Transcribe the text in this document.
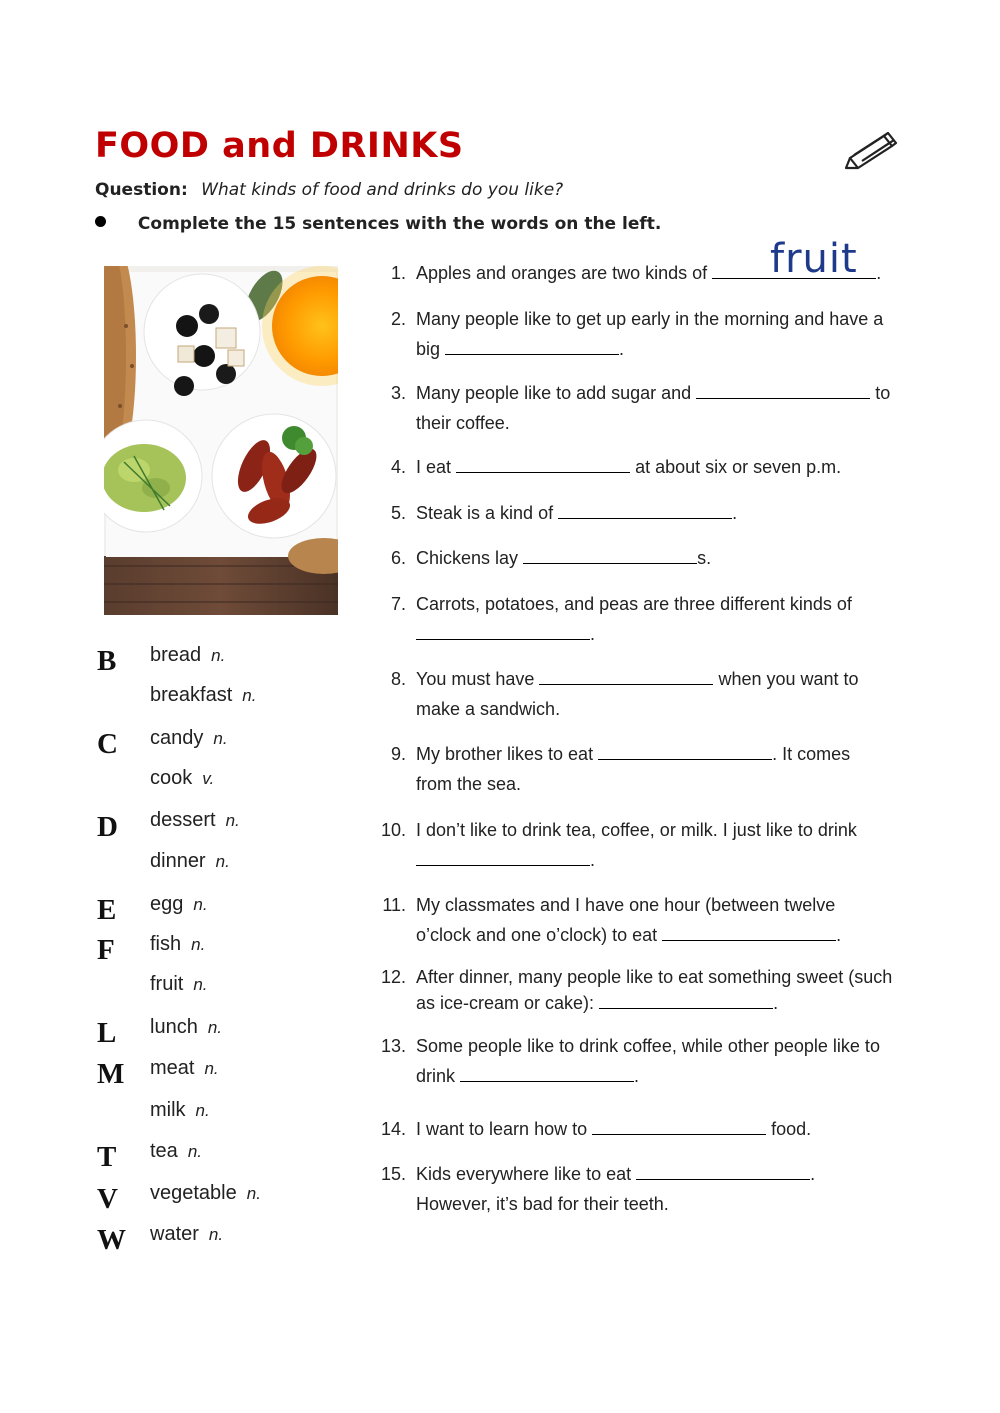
FOOD and DRINKS
Question: What kinds of food and drinks do you like?
Complete the 15 sentences with the words on the left.
B bread n.
breakfast n.
C candy n.
cook v.
D dessert n.
dinner n.
E egg n.
F fish n.
fruit n.
L lunch n.
M meat n.
milk n.
T tea n.
V vegetable n.
W water n.
fruit
1. Apples and oranges are two kinds of	.
2. Many people like to get up early in the morning and have a big	.
3. Many people like to add sugar and	to their coffee.
4. I eat	at about six or seven p.m.
5. Steak is a kind of	.
6. Chickens lay	s.
7. Carrots, potatoes, and peas are three different kinds of .
8. You must have	when you want to make a sandwich.
9. My brother likes to eat	. It comes from the sea.
10. I don’t like to drink tea, coffee, or milk. I just like to drink .
11. My classmates and I have one hour (between twelve o’clock and one o’clock) to eat	.
12. After dinner, many people like to eat something sweet (such as ice-cream or cake):	.
13. Some people like to drink coffee, while other people like to drink	.
14. I want to learn how to	food.
15. Kids everywhere like to eat	. However, it’s bad for their teeth.
